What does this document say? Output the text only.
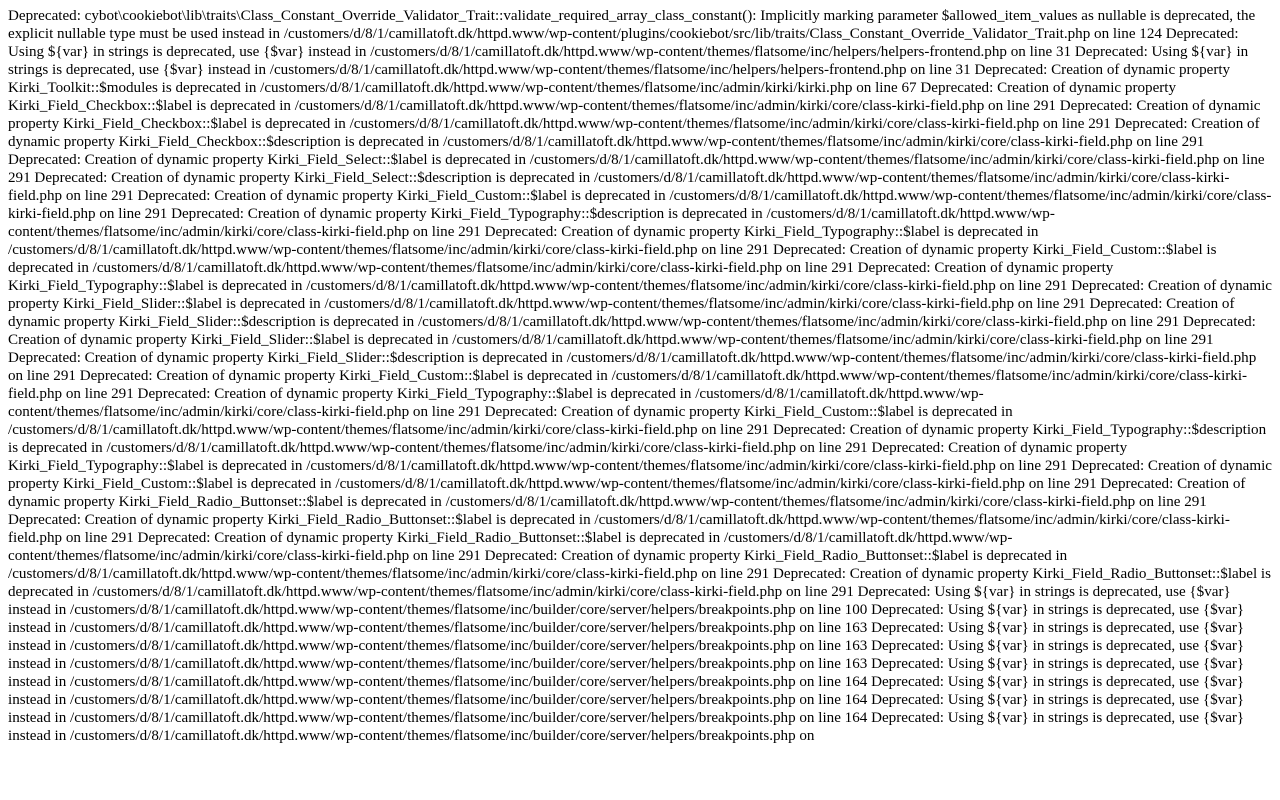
Deprecated: cybot\cookiebot\lib\traits\Class_Constant_Override_Validator_Trait::validate_required_array_class_constant(): Implicitly marking parameter $allowed_item_values as nullable is deprecated, the explicit nullable type must be used instead in /customers/d/8/1/camillatoft.dk/httpd.www/wp-content/plugins/cookiebot/src/lib/traits/Class_Constant_Override_Validator_Trait.php on line 124 Deprecated: Using ${var} in strings is deprecated, use {$var} instead in /customers/d/8/1/camillatoft.dk/httpd.www/wp-content/themes/flatsome/inc/helpers/helpers-frontend.php on line 31 Deprecated: Using ${var} in strings is deprecated, use {$var} instead in /customers/d/8/1/camillatoft.dk/httpd.www/wp-content/themes/flatsome/inc/helpers/helpers-frontend.php on line 31 Deprecated: Creation of dynamic property Kirki_Toolkit::$modules is deprecated in /customers/d/8/1/camillatoft.dk/httpd.www/wp-content/themes/flatsome/inc/admin/kirki/kirki.php on line 67 Deprecated: Creation of dynamic property Kirki_Field_Checkbox::$label is deprecated in /customers/d/8/1/camillatoft.dk/httpd.www/wp-content/themes/flatsome/inc/admin/kirki/core/class-kirki-field.php on line 291 Deprecated: Creation of dynamic property Kirki_Field_Checkbox::$label is deprecated in /customers/d/8/1/camillatoft.dk/httpd.www/wp-content/themes/flatsome/inc/admin/kirki/core/class-kirki-field.php on line 291 Deprecated: Creation of dynamic property Kirki_Field_Checkbox::$description is deprecated in /customers/d/8/1/camillatoft.dk/httpd.www/wp-content/themes/flatsome/inc/admin/kirki/core/class-kirki-field.php on line 291 Deprecated: Creation of dynamic property Kirki_Field_Select::$label is deprecated in /customers/d/8/1/camillatoft.dk/httpd.www/wp-content/themes/flatsome/inc/admin/kirki/core/class-kirki-field.php on line 291 Deprecated: Creation of dynamic property Kirki_Field_Select::$description is deprecated in /customers/d/8/1/camillatoft.dk/httpd.www/wp-content/themes/flatsome/inc/admin/kirki/core/class-kirki-field.php on line 291 Deprecated: Creation of dynamic property Kirki_Field_Custom::$label is deprecated in /customers/d/8/1/camillatoft.dk/httpd.www/wp-content/themes/flatsome/inc/admin/kirki/core/class-kirki-field.php on line 291 Deprecated: Creation of dynamic property Kirki_Field_Typography::$description is deprecated in /customers/d/8/1/camillatoft.dk/httpd.www/wp-content/themes/flatsome/inc/admin/kirki/core/class-kirki-field.php on line 291 Deprecated: Creation of dynamic property Kirki_Field_Typography::$label is deprecated in /customers/d/8/1/camillatoft.dk/httpd.www/wp-content/themes/flatsome/inc/admin/kirki/core/class-kirki-field.php on line 291 Deprecated: Creation of dynamic property Kirki_Field_Custom::$label is deprecated in /customers/d/8/1/camillatoft.dk/httpd.www/wp-content/themes/flatsome/inc/admin/kirki/core/class-kirki-field.php on line 291 Deprecated: Creation of dynamic property Kirki_Field_Typography::$label is deprecated in /customers/d/8/1/camillatoft.dk/httpd.www/wp-content/themes/flatsome/inc/admin/kirki/core/class-kirki-field.php on line 291 Deprecated: Creation of dynamic property Kirki_Field_Slider::$label is deprecated in /customers/d/8/1/camillatoft.dk/httpd.www/wp-content/themes/flatsome/inc/admin/kirki/core/class-kirki-field.php on line 291 Deprecated: Creation of dynamic property Kirki_Field_Slider::$description is deprecated in /customers/d/8/1/camillatoft.dk/httpd.www/wp-content/themes/flatsome/inc/admin/kirki/core/class-kirki-field.php on line 291 Deprecated: Creation of dynamic property Kirki_Field_Slider::$label is deprecated in /customers/d/8/1/camillatoft.dk/httpd.www/wp-content/themes/flatsome/inc/admin/kirki/core/class-kirki-field.php on line 291 Deprecated: Creation of dynamic property Kirki_Field_Slider::$description is deprecated in /customers/d/8/1/camillatoft.dk/httpd.www/wp-content/themes/flatsome/inc/admin/kirki/core/class-kirki-field.php on line 291 Deprecated: Creation of dynamic property Kirki_Field_Custom::$label is deprecated in /customers/d/8/1/camillatoft.dk/httpd.www/wp-content/themes/flatsome/inc/admin/kirki/core/class-kirki-field.php on line 291 Deprecated: Creation of dynamic property Kirki_Field_Typography::$label is deprecated in /customers/d/8/1/camillatoft.dk/httpd.www/wp-content/themes/flatsome/inc/admin/kirki/core/class-kirki-field.php on line 291 Deprecated: Creation of dynamic property Kirki_Field_Custom::$label is deprecated in /customers/d/8/1/camillatoft.dk/httpd.www/wp-content/themes/flatsome/inc/admin/kirki/core/class-kirki-field.php on line 291 Deprecated: Creation of dynamic property Kirki_Field_Typography::$description is deprecated in /customers/d/8/1/camillatoft.dk/httpd.www/wp-content/themes/flatsome/inc/admin/kirki/core/class-kirki-field.php on line 291 Deprecated: Creation of dynamic property Kirki_Field_Typography::$label is deprecated in /customers/d/8/1/camillatoft.dk/httpd.www/wp-content/themes/flatsome/inc/admin/kirki/core/class-kirki-field.php on line 291 Deprecated: Creation of dynamic property Kirki_Field_Custom::$label is deprecated in /customers/d/8/1/camillatoft.dk/httpd.www/wp-content/themes/flatsome/inc/admin/kirki/core/class-kirki-field.php on line 291 Deprecated: Creation of dynamic property Kirki_Field_Radio_Buttonset::$label is deprecated in /customers/d/8/1/camillatoft.dk/httpd.www/wp-content/themes/flatsome/inc/admin/kirki/core/class-kirki-field.php on line 291 Deprecated: Creation of dynamic property Kirki_Field_Radio_Buttonset::$label is deprecated in /customers/d/8/1/camillatoft.dk/httpd.www/wp-content/themes/flatsome/inc/admin/kirki/core/class-kirki-field.php on line 291 Deprecated: Creation of dynamic property Kirki_Field_Radio_Buttonset::$label is deprecated in /customers/d/8/1/camillatoft.dk/httpd.www/wp-content/themes/flatsome/inc/admin/kirki/core/class-kirki-field.php on line 291 Deprecated: Creation of dynamic property Kirki_Field_Radio_Buttonset::$label is deprecated in /customers/d/8/1/camillatoft.dk/httpd.www/wp-content/themes/flatsome/inc/admin/kirki/core/class-kirki-field.php on line 291 Deprecated: Creation of dynamic property Kirki_Field_Radio_Buttonset::$label is deprecated in /customers/d/8/1/camillatoft.dk/httpd.www/wp-content/themes/flatsome/inc/admin/kirki/core/class-kirki-field.php on line 291 Deprecated: Using ${var} in strings is deprecated, use {$var} instead in /customers/d/8/1/camillatoft.dk/httpd.www/wp-content/themes/flatsome/inc/builder/core/server/helpers/breakpoints.php on line 100 Deprecated: Using ${var} in strings is deprecated, use {$var} instead in /customers/d/8/1/camillatoft.dk/httpd.www/wp-content/themes/flatsome/inc/builder/core/server/helpers/breakpoints.php on line 163 Deprecated: Using ${var} in strings is deprecated, use {$var} instead in /customers/d/8/1/camillatoft.dk/httpd.www/wp-content/themes/flatsome/inc/builder/core/server/helpers/breakpoints.php on line 163 Deprecated: Using ${var} in strings is deprecated, use {$var} instead in /customers/d/8/1/camillatoft.dk/httpd.www/wp-content/themes/flatsome/inc/builder/core/server/helpers/breakpoints.php on line 163 Deprecated: Using ${var} in strings is deprecated, use {$var} instead in /customers/d/8/1/camillatoft.dk/httpd.www/wp-content/themes/flatsome/inc/builder/core/server/helpers/breakpoints.php on line 164 Deprecated: Using ${var} in strings is deprecated, use {$var} instead in /customers/d/8/1/camillatoft.dk/httpd.www/wp-content/themes/flatsome/inc/builder/core/server/helpers/breakpoints.php on line 164 Deprecated: Using ${var} in strings is deprecated, use {$var} instead in /customers/d/8/1/camillatoft.dk/httpd.www/wp-content/themes/flatsome/inc/builder/core/server/helpers/breakpoints.php on line 164 Deprecated: Using ${var} in strings is deprecated, use {$var} instead in /customers/d/8/1/camillatoft.dk/httpd.www/wp-content/themes/flatsome/inc/builder/core/server/helpers/breakpoints.php on
